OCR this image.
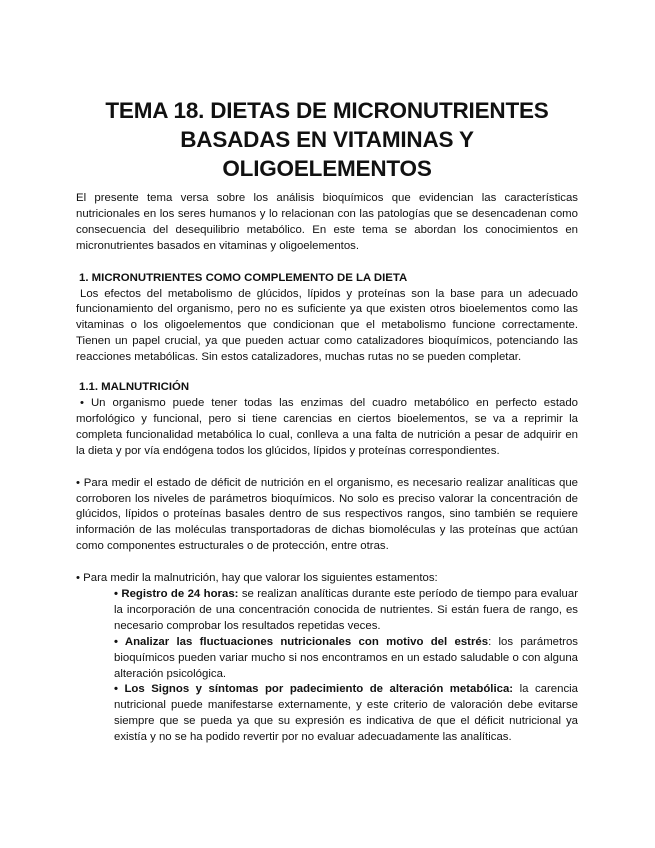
TEMA 18. DIETAS DE MICRONUTRIENTES
BASADAS EN VITAMINAS Y OLIGOELEMENTOS

El presente tema versa sobre los análisis bioquímicos que evidencian las características nutricionales en los seres humanos y lo relacionan con las patologías que se desencadenan como consecuencia del desequilibrio metabólico. En este tema se abordan los conocimientos en micronutrientes basados en vitaminas y oligoelementos.

1. MICRONUTRIENTES COMO COMPLEMENTO DE LA DIETA

Los efectos del metabolismo de glúcidos, lípidos y proteínas son la base para un adecuado funcionamiento del organismo, pero no es suficiente ya que existen otros bioelementos como las vitaminas o los oligoelementos que condicionan que el metabolismo funcione correctamente. Tienen un papel crucial, ya que pueden actuar como catalizadores bioquímicos, potenciando las reacciones metabólicas. Sin estos catalizadores, muchas rutas no se pueden completar.

1.1. MALNUTRICIÓN

• Un organismo puede tener todas las enzimas del cuadro metabólico en perfecto estado morfológico y funcional, pero si tiene carencias en ciertos bioelementos, se va a reprimir la completa funcionalidad metabólica lo cual, conlleva a una falta de nutrición a pesar de adquirir en la dieta y por vía endógena todos los glúcidos, lípidos y proteínas correspondientes.

• Para medir el estado de déficit de nutrición en el organismo, es necesario realizar analíticas que corroboren los niveles de parámetros bioquímicos. No solo es preciso valorar la concentración de glúcidos, lípidos o proteínas basales dentro de sus respectivos rangos, sino también se requiere información de las moléculas transportadoras de dichas biomoléculas y las proteínas que actúan como componentes estructurales o de protección, entre otras.

• Para medir la malnutrición, hay que valorar los siguientes estamentos:

• Registro de 24 horas: se realizan analíticas durante este período de tiempo para evaluar la incorporación de una concentración conocida de nutrientes. Si están fuera de rango, es necesario comprobar los resultados repetidas veces.
• Analizar las fluctuaciones nutricionales con motivo del estrés: los parámetros bioquímicos pueden variar mucho si nos encontramos en un estado saludable o con alguna alteración psicológica.
• Los Signos y síntomas por padecimiento de alteración metabólica: la carencia nutricional puede manifestarse externamente, y este criterio de valoración debe evitarse siempre que se pueda ya que su expresión es indicativa de que el déficit nutricional ya existía y no se ha podido revertir por no evaluar adecuadamente las analíticas.
